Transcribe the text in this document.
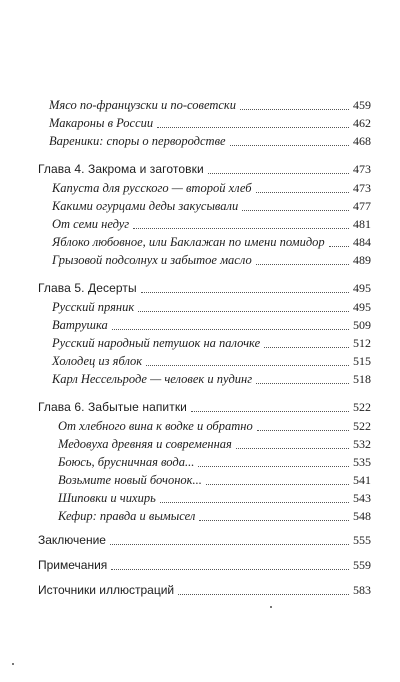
Мясо по-французски и по-советски	459
Макароны в России	462
Вареники: споры о первородстве	468
Глава 4. Закрома и заготовки	473
Капуста для русского — второй хлеб	473
Какими огурцами деды закусывали	477
От семи недуг	481
Яблоко любовное, или Баклажан по имени помидор 484
Грызовой подсолнух и забытое масло	489
Глава 5. Десерты	495
Русский пряник	495
Ватрушка	509
Русский народный петушок на палочке	512
Холодец из яблок	515
Карл Нессельроде — человек и пудинг	518
Глава 6. Забытые напитки	522
От хлебного вина к водке и обратно	522
Медовуха древняя и современная	532
Боюсь, брусничная вода...	535
Возьмите новый бочонок...	541
Шиповки и чихирь	543
Кефир: правда и вымысел	548
Заключение	555
Примечания	559
Источники иллюстраций	583
